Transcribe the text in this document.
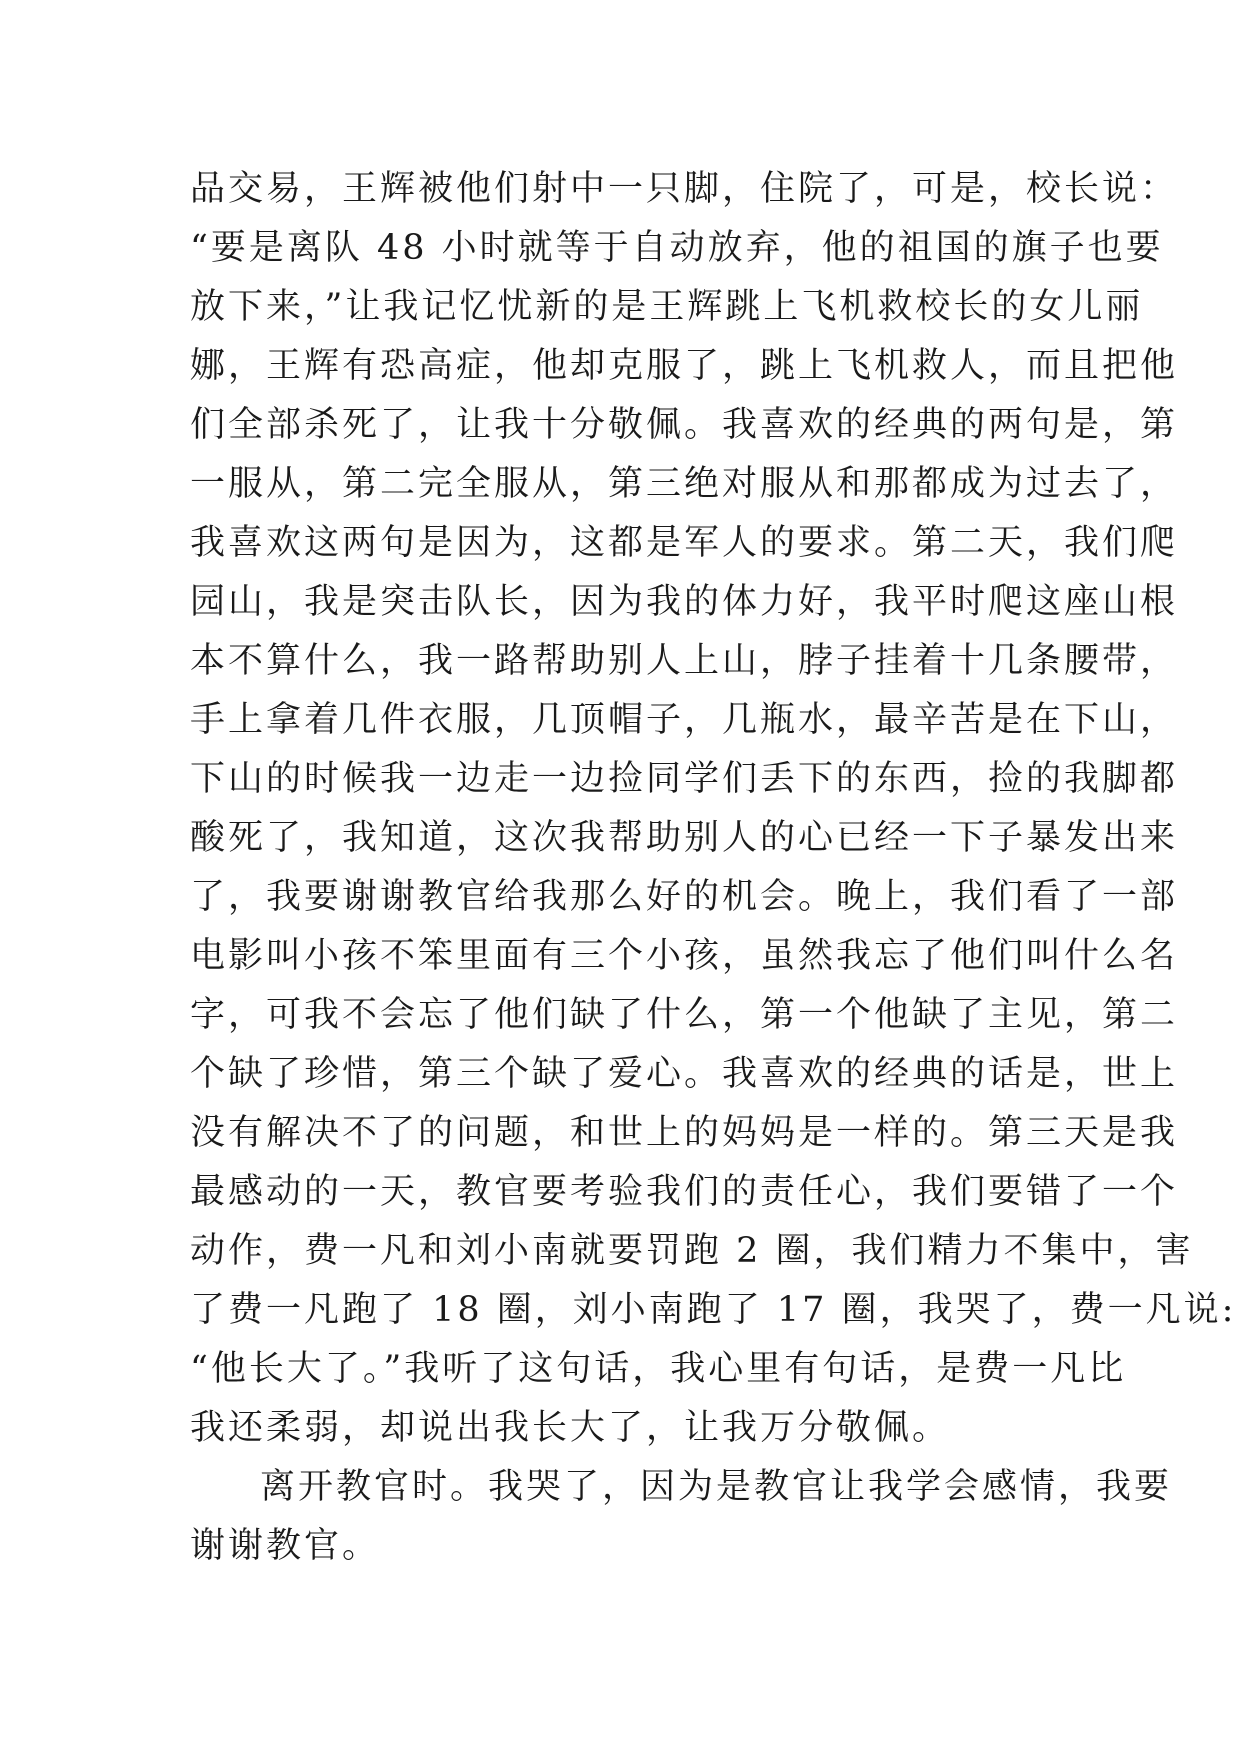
品交易，王辉被他们射中一只脚，住院了，可是，校长说：
“要是离队 48 小时就等于自动放弃，他的祖国的旗子也要
放下来，”让我记忆忧新的是王辉跳上飞机救校长的女儿丽
娜，王辉有恐高症，他却克服了，跳上飞机救人，而且把他
们全部杀死了，让我十分敬佩。我喜欢的经典的两句是，第
一服从，第二完全服从，第三绝对服从和那都成为过去了，
我喜欢这两句是因为，这都是军人的要求。第二天，我们爬
园山，我是突击队长，因为我的体力好，我平时爬这座山根
本不算什么，我一路帮助别人上山，脖子挂着十几条腰带，
手上拿着几件衣服，几顶帽子，几瓶水，最辛苦是在下山，
下山的时候我一边走一边捡同学们丢下的东西，捡的我脚都
酸死了，我知道，这次我帮助别人的心已经一下子暴发出来
了，我要谢谢教官给我那么好的机会。晚上，我们看了一部
电影叫小孩不笨里面有三个小孩，虽然我忘了他们叫什么名
字，可我不会忘了他们缺了什么，第一个他缺了主见，第二
个缺了珍惜，第三个缺了爱心。我喜欢的经典的话是，世上
没有解决不了的问题，和世上的妈妈是一样的。第三天是我
最感动的一天，教官要考验我们的责任心，我们要错了一个
动作，费一凡和刘小南就要罚跑 2 圈，我们精力不集中，害
了费一凡跑了 18 圈，刘小南跑了 17 圈，我哭了，费一凡说:
“他长大了。”我听了这句话，我心里有句话，是费一凡比
我还柔弱，却说出我长大了，让我万分敬佩。
离开教官时。我哭了，因为是教官让我学会感情，我要
谢谢教官。
